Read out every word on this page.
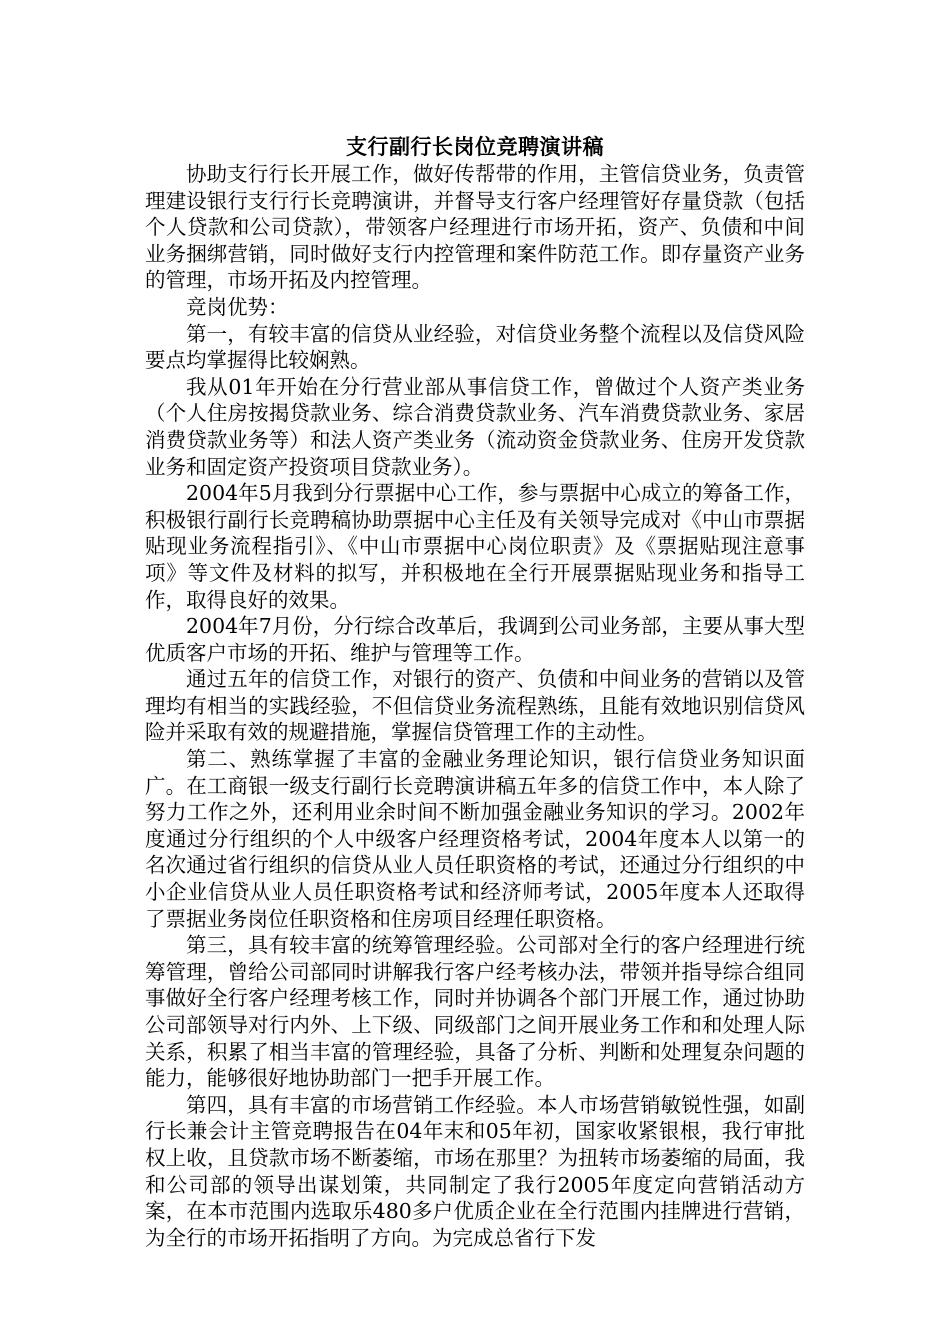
支行副行长岗位竞聘演讲稿

协助支行行长开展工作，做好传帮带的作用，主管信贷业务，负责管理建设银行支行行长竞聘演讲，并督导支行客户经理管好存量贷款（包括个人贷款和公司贷款），带领客户经理进行市场开拓，资产、负债和中间业务捆绑营销，同时做好支行内控管理和案件防范工作。即存量资产业务的管理，市场开拓及内控管理。

竞岗优势：

第一，有较丰富的信贷从业经验，对信贷业务整个流程以及信贷风险要点均掌握得比较娴熟。

我从01年开始在分行营业部从事信贷工作，曾做过个人资产类业务（个人住房按揭贷款业务、综合消费贷款业务、汽车消费贷款业务、家居消费贷款业务等）和法人资产类业务（流动资金贷款业务、住房开发贷款业务和固定资产投资项目贷款业务）。

2004年5月我到分行票据中心工作，参与票据中心成立的筹备工作，积极银行副行长竞聘稿协助票据中心主任及有关领导完成对《中山市票据贴现业务流程指引》、《中山市票据中心岗位职责》及《票据贴现注意事项》等文件及材料的拟写，并积极地在全行开展票据贴现业务和指导工作，取得良好的效果。

2004年7月份，分行综合改革后，我调到公司业务部，主要从事大型优质客户市场的开拓、维护与管理等工作。

通过五年的信贷工作，对银行的资产、负债和中间业务的营销以及管理均有相当的实践经验，不但信贷业务流程熟练，且能有效地识别信贷风险并采取有效的规避措施，掌握信贷管理工作的主动性。

第二、熟练掌握了丰富的金融业务理论知识，银行信贷业务知识面广。在工商银一级支行副行长竞聘演讲稿五年多的信贷工作中，本人除了努力工作之外，还利用业余时间不断加强金融业务知识的学习。2002年度通过分行组织的个人中级客户经理资格考试，2004年度本人以第一的名次通过省行组织的信贷从业人员任职资格的考试，还通过分行组织的中小企业信贷从业人员任职资格考试和经济师考试，2005年度本人还取得了票据业务岗位任职资格和住房项目经理任职资格。

第三，具有较丰富的统筹管理经验。公司部对全行的客户经理进行统筹管理，曾给公司部同时讲解我行客户经考核办法，带领并指导综合组同事做好全行客户经理考核工作，同时并协调各个部门开展工作，通过协助公司部领导对行内外、上下级、同级部门之间开展业务工作和和处理人际关系，积累了相当丰富的管理经验，具备了分析、判断和处理复杂问题的能力，能够很好地协助部门一把手开展工作。

第四，具有丰富的市场营销工作经验。本人市场营销敏锐性强，如副行长兼会计主管竞聘报告在04年末和05年初，国家收紧银根，我行审批权上收，且贷款市场不断萎缩，市场在那里？为扭转市场萎缩的局面，我和公司部的领导出谋划策，共同制定了我行2005年度定向营销活动方案，在本市范围内选取乐480多户优质企业在全行范围内挂牌进行营销，为全行的市场开拓指明了方向。为完成总省行下发
